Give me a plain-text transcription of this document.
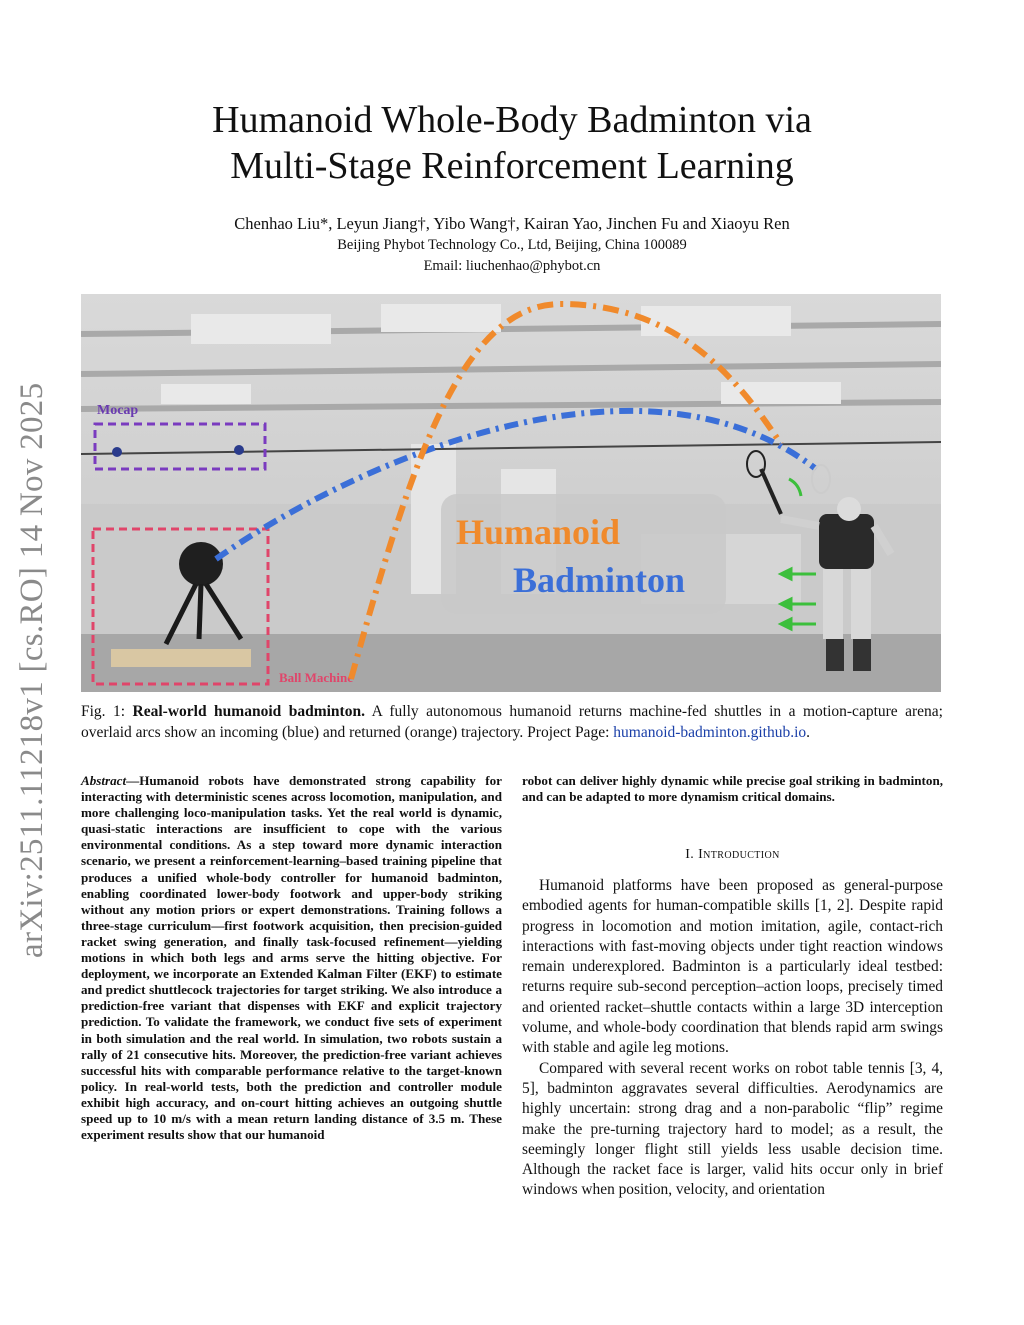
arXiv:2511.11218v1 [cs.RO] 14 Nov 2025
Humanoid Whole-Body Badminton via
Multi-Stage Reinforcement Learning
Chenhao Liu*, Leyun Jiang†, Yibo Wang†, Kairan Yao, Jinchen Fu and Xiaoyu Ren
Beijing Phybot Technology Co., Ltd, Beijing, China 100089
Email: liuchenhao@phybot.cn
Humanoid
Badminton
Mocap
Ball Machine
Fig. 1: Real-world humanoid badminton. A fully autonomous humanoid returns machine-fed shuttles in a motion-capture arena; overlaid arcs show an incoming (blue) and returned (orange) trajectory. Project Page: humanoid-badminton.github.io.
Abstract—Humanoid robots have demonstrated strong capability for interacting with deterministic scenes across locomotion, manipulation, and more challenging loco-manipulation tasks. Yet the real world is dynamic, quasi-static interactions are insufficient to cope with the various environmental conditions. As a step toward more dynamic interaction scenario, we present a reinforcement-learning–based training pipeline that produces a unified whole-body controller for humanoid badminton, enabling coordinated lower-body footwork and upper-body striking without any motion priors or expert demonstrations. Training follows a three-stage curriculum—first footwork acquisition, then precision-guided racket swing generation, and finally task-focused refinement—yielding motions in which both legs and arms serve the hitting objective. For deployment, we incorporate an Extended Kalman Filter (EKF) to estimate and predict shuttlecock trajectories for target striking. We also introduce a prediction-free variant that dispenses with EKF and explicit trajectory prediction. To validate the framework, we conduct five sets of experiment in both simulation and the real world. In simulation, two robots sustain a rally of 21 consecutive hits. Moreover, the prediction-free variant achieves successful hits with comparable performance relative to the target-known policy. In real-world tests, both the prediction and controller module exhibit high accuracy, and on-court hitting achieves an outgoing shuttle speed up to 10 m/s with a mean return landing distance of 3.5 m. These experiment results show that our humanoid
robot can deliver highly dynamic while precise goal striking in badminton, and can be adapted to more dynamism critical domains.
I. Introduction

Humanoid platforms have been proposed as general-purpose embodied agents for human-compatible skills [1, 2]. Despite rapid progress in locomotion and motion imitation, agile, contact-rich interactions with fast-moving objects under tight reaction windows remain underexplored. Badminton is a particularly ideal testbed: returns require sub-second perception–action loops, precisely timed and oriented racket–shuttle contacts within a large 3D interception volume, and whole-body coordination that blends rapid arm swings with stable and agile leg motions.

Compared with several recent works on robot table tennis [3, 4, 5], badminton aggravates several difficulties. Aerodynamics are highly uncertain: strong drag and a non-parabolic “flip” regime make the pre-turning trajectory hard to model; as a result, the seemingly longer flight still yields less usable decision time. Although the racket face is larger, valid hits occur only in brief windows when position, velocity, and orientation
